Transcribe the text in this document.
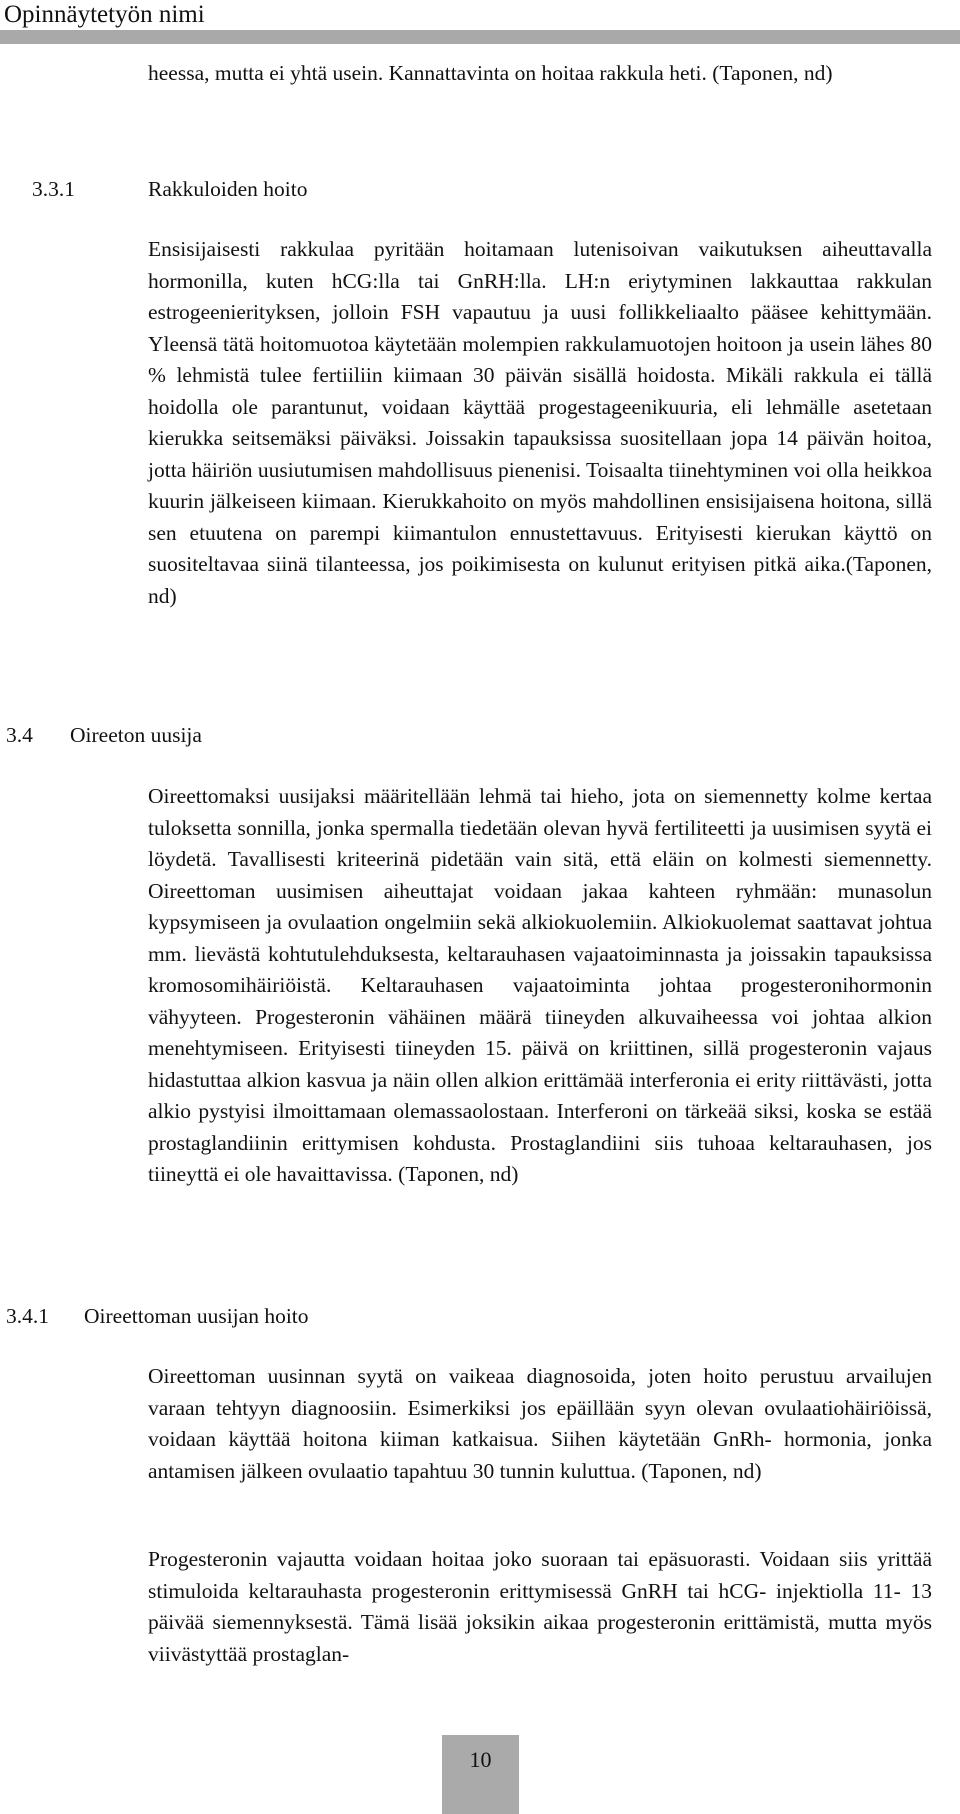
Opinnäytetyön nimi

heessa, mutta ei yhtä usein. Kannattavinta on hoitaa rakkula heti. (Taponen, nd)

3.3.1	Rakkuloiden hoito

Ensisijaisesti rakkulaa pyritään hoitamaan lutenisoivan vaikutuksen aiheuttavalla hormonilla, kuten hCG:lla tai GnRH:lla. LH:n eriytyminen lakkauttaa rakkulan estrogeenierityksen, jolloin FSH vapautuu ja uusi follikkeliaalto pääsee kehittymään. Yleensä tätä hoitomuotoa käytetään molempien rakkulamuotojen hoitoon ja usein lähes 80 % lehmistä tulee fertiiliin kiimaan 30 päivän sisällä hoidosta. Mikäli rakkula ei tällä hoidolla ole parantunut, voidaan käyttää progestageenikuuria, eli lehmälle asetetaan kierukka seitsemäksi päiväksi. Joissakin tapauksissa suositellaan jopa 14 päivän hoitoa, jotta häiriön uusiutumisen mahdollisuus pienenisi. Toisaalta tiinehtyminen voi olla heikkoa kuurin jälkeiseen kiimaan. Kierukkahoito on myös mahdollinen ensisijaisena hoitona, sillä sen etuutena on parempi kiimantulon ennustettavuus. Erityisesti kierukan käyttö on suositeltavaa siinä tilanteessa, jos poikimisesta on kulunut erityisen pitkä aika.(Taponen, nd)

3.4 Oireeton uusija

Oireettomaksi uusijaksi määritellään lehmä tai hieho, jota on siemennetty kolme kertaa tuloksetta sonnilla, jonka spermalla tiedetään olevan hyvä fertiliteetti ja uusimisen syytä ei löydetä. Tavallisesti kriteerinä pidetään vain sitä, että eläin on kolmesti siemennetty. Oireettoman uusimisen aiheuttajat voidaan jakaa kahteen ryhmään: munasolun kypsymiseen ja ovulaation ongelmiin sekä alkiokuolemiin. Alkiokuolemat saattavat johtua mm. lievästä kohtutulehduksesta, keltarauhasen vajaatoiminnasta ja joissakin tapauksissa kromosomihäiriöistä. Keltarauhasen vajaatoiminta johtaa progesteronihormonin vähyyteen. Progesteronin vähäinen määrä tiineyden alkuvaiheessa voi johtaa alkion menehtymiseen. Erityisesti tiineyden 15. päivä on kriittinen, sillä progesteronin vajaus hidastuttaa alkion kasvua ja näin ollen alkion erittämää interferonia ei erity riittävästi, jotta alkio pystyisi ilmoittamaan olemassaolostaan. Interferoni on tärkeää siksi, koska se estää prostaglandiinin erittymisen kohdusta. Prostaglandiini siis tuhoaa keltarauhasen, jos tiineyttä ei ole havaittavissa. (Taponen, nd)

3.4.1 Oireettoman uusijan hoito

Oireettoman uusinnan syytä on vaikeaa diagnosoida, joten hoito perustuu arvailujen varaan tehtyyn diagnoosiin. Esimerkiksi jos epäillään syyn olevan ovulaatiohäiriöissä, voidaan käyttää hoitona kiiman katkaisua. Siihen käytetään GnRh- hormonia, jonka antamisen jälkeen ovulaatio tapahtuu 30 tunnin kuluttua. (Taponen, nd)

Progesteronin vajautta voidaan hoitaa joko suoraan tai epäsuorasti. Voidaan siis yrittää stimuloida keltarauhasta progesteronin erittymisessä GnRH tai hCG- injektiolla 11- 13 päivää siemennyksestä. Tämä lisää joksikin aikaa progesteronin erittämistä, mutta myös viivästyttää prostaglan-

10
